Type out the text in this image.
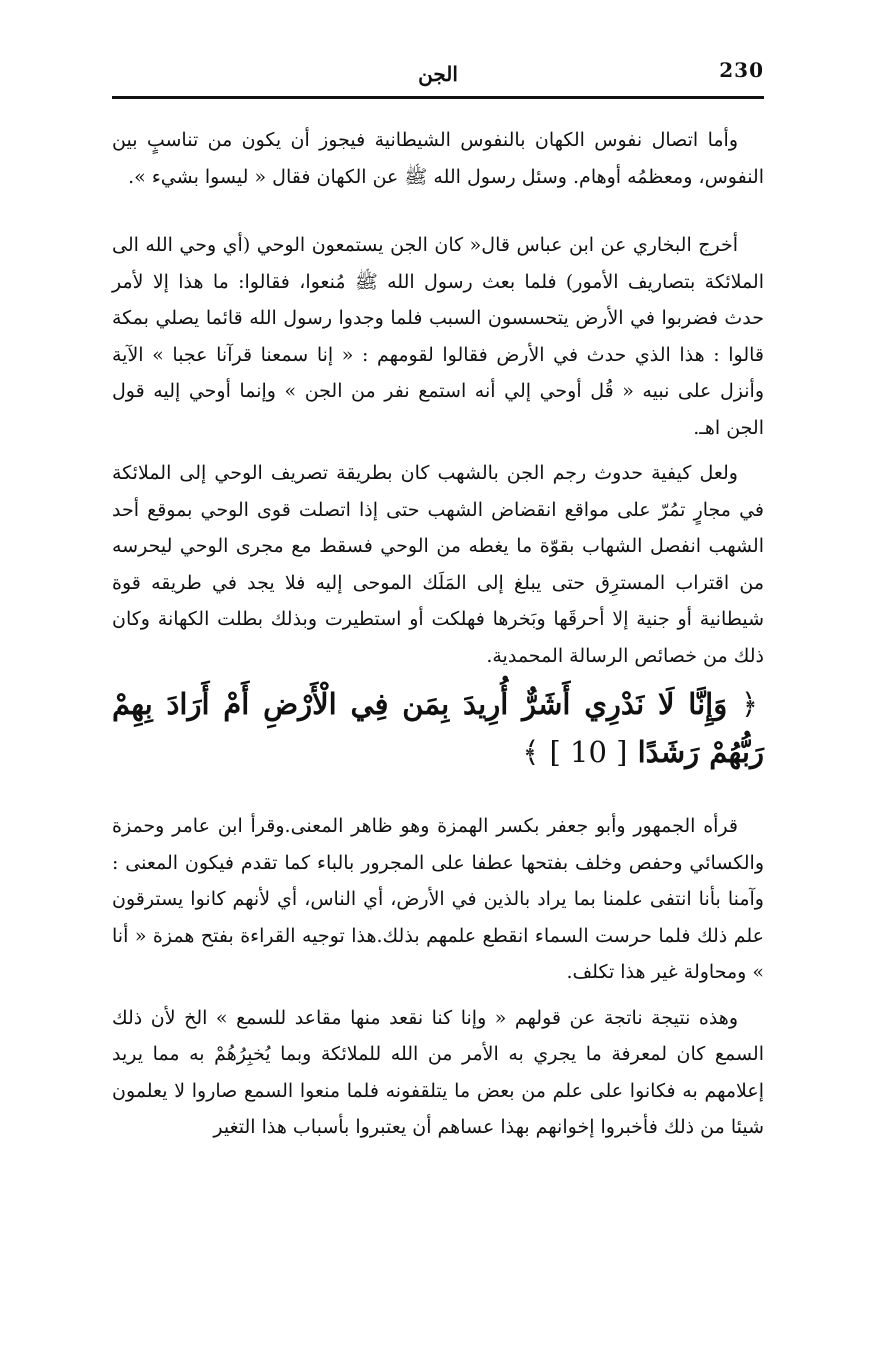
230
الجن

وأما اتصال نفوس الكهان بالنفوس الشيطانية فيجوز أن يكون من تناسبٍ بين النفوس، ومعظمُه أوهام. وسئل رسول الله ﷺ عن الكهان فقال « ليسوا بشيء ».

أخرج البخاري عن ابن عباس قال« كان الجن يستمعون الوحي (أي وحي الله الى الملائكة بتصاريف الأمور) فلما بعث رسول الله ﷺ مُنعوا، فقالوا: ما هذا إلا لأمر حدث فضربوا في الأرض يتحسسون السبب فلما وجدوا رسول الله قائما يصلي بمكة قالوا : هذا الذي حدث في الأرض فقالوا لقومهم : « إنا سمعنا قرآنا عجبا » الآية وأنزل على نبيه « قُل أوحي إلي أنه استمع نفر من الجن » وإنما أوحي إليه قول الجن اهـ.

ولعل كيفية حدوث رجم الجن بالشهب كان بطريقة تصريف الوحي إلى الملائكة في مجارٍ تمُرّ على مواقع انقضاض الشهب حتى إذا اتصلت قوى الوحي بموقع أحد الشهب انفصل الشهاب بقوّة ما يغطه من الوحي فسقط مع مجرى الوحي ليحرسه من اقتراب المسترِق حتى يبلغ إلى المَلَك الموحى إليه فلا يجد في طريقه قوة شيطانية أو جنية إلا أحرقَها وبَخرها فهلكت أو استطيرت وبذلك بطلت الكهانة وكان ذلك من خصائص الرسالة المحمدية.

﴿ وَإِنَّا لَا نَدْرِي أَشَرٌّ أُرِيدَ بِمَن فِي الْأَرْضِ أَمْ أَرَادَ بِهِمْ رَبُّهُمْ رَشَدًا [ 10 ] ﴾

قرأه الجمهور وأبو جعفر بكسر الهمزة وهو ظاهر المعنى.وقرأ ابن عامر وحمزة والكسائي وحفص وخلف بفتحها عطفا على المجرور بالباء كما تقدم فيكون المعنى : وآمنا بأنا انتفى علمنا بما يراد بالذين في الأرض، أي الناس، أي لأنهم كانوا يسترقون علم ذلك فلما حرست السماء انقطع علمهم بذلك.هذا توجيه القراءة بفتح همزة « أنا » ومحاولة غير هذا تكلف.

وهذه نتيجة ناتجة عن قولهم « وإنا كنا نقعد منها مقاعد للسمع » الخ لأن ذلك السمع كان لمعرفة ما يجري به الأمر من الله للملائكة وبما يُخبِرُهُمْ به مما يريد إعلامهم به فكانوا على علم من بعض ما يتلقفونه فلما منعوا السمع صاروا لا يعلمون شيئا من ذلك فأخبروا إخوانهم بهذا عساهم أن يعتبروا بأسباب هذا التغير
